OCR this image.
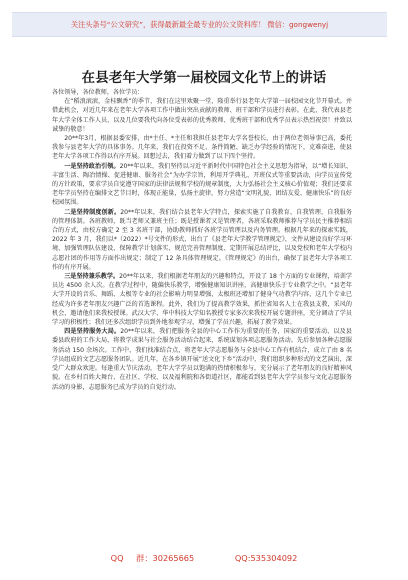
关注头条号“公文研究”，获得最新最全最专业的公文资料库！ 微信：gongwenyj
在县老年大学第一届校园文化节上的讲话

各位领导，各位教师，各位学员：

在“稻浪滚滚，金桂飘香”的季节，我们在这里欢聚一堂，隆重举行县老年大学第一届校园文化节开幕式。并借此机会，对近几年来在老年大学各项工作中做出突出贡献的教师、班干部和学员进行表彰。在此，我代表县老年大学全体工作人员，以及几位要我代向各位受表彰的优秀教师、优秀班干部和优秀学员表示热烈祝贺！并致以诚挚的敬意！

20**年3月，根据县委安排，由*主任、*主任和我担任县老年大学名誉校长，由于两位老领导事已高，委托我参与县老年大学的具体事务。几年来，我们在投资不足、条件简陋、缺乏办学经验的情况下，克难奋进，使县老年大学各项工作得以有序开展。回想过去，我们着力做到了以下四个坚持。

一是坚持政治引领。20**年以来，我们坚持以习近平新时代中国特色社会主义思想为指导，以“增长知识、丰富生活、陶冶情操、促进健康、服务社会”为办学宗旨，利用开学典礼、开班仪式等重要活动，向学员宣传党的方针政策，要求学员自觉遵守国家的法律法规和学校的规章制度，大力弘扬社会主义核心价值观；我们还要求老年学员坚持在编排文艺节目时，体现正能量，弘扬主旋律，努力营造“文明礼貌、团结友爱、健康快乐”的良好校园氛围。

二是坚持制度创新。20**年以来，我们结合县老年大学特点，探索实施了自我教育、自我管理、自我服务的管理体制。各班教师，既当老师又兼班主任；既是授课者又是管理者，各班采取教师推荐与学员民主推荐相结合的方式，由校方确定 2 至 3 名班干部，协助教师抓好各班学员管理以及内务管理。根据几年来的探索实践，2022 年 3 月，我们以*（2022）*号文件的形式，出台了《县老年大学教学管理规定》，文件从建设良好学习环境、加强管理队伍建设、保障教学计划落实、规范完善管理制度、定期开展总结评比，以及党校和老年大学校内志愿社团的作用等方面作出规定；制定了 12 条具体管理规定。《管理规定》的出台，确保了县老年大学各项工作的有序开展。

三是坚持兼乐教学。20**年以来，我们根据老年朋友的兴趣和特点，开设了 18 个方面的专业课程，培训学员达 4500 余人次。在教学过程中，随偏快乐教学，增强健康知识讲座，高健康快乐于专业教学之中。“县老年大学开设的音乐、舞蹈、太极等专业的社会影响力明显增强，太极班还增加了健身气功教学内容，这几个专业已经成为许多老年朋友兴趣广泛的首选课程。此外，我们为了提高教学效果，抓住省知名人士在我县支教，采风的机会，邀请他们来我校授课。武汉大学、华中科技大学知名教授专家多次来我校开展专题讲座，充分调动了学员学习的积极性；我们还多次组织学员到外地参观学习，增强了学员兴趣，拓展了教学效果。

四是坚持服务大局。20**年以来，我们把服务全县的中心工作作为重要的任务，国家的重要活动、以及县委县政府的工作大局，将教学成果与社会服务活动结合起来，系统谋划各项志愿服务活动。先后参加各种志愿服务活动 150 余场次。工作中，我们找准结合点，将老年大学志愿服务与全县中心工作有机结合，成立了由 8 名学员组成的文艺志愿服务团队。近几年，在各乡镇开展“送文化下乡”活动中，我们组织多种形式的文艺演出，深受广大群众欢迎。每逢重大节庆活动，老年大学学员以饱满的热情积极参与，充分展示了老年朋友的良好精神风貌。在乡村百姓大舞台、在社区、学校、以及福利院和各街道社区，都能看到县老年大学学员参与文化志愿服务活动的身影，志愿服务已成为学员的自觉行动。

QQ 群：30265665	QQ:535304092
